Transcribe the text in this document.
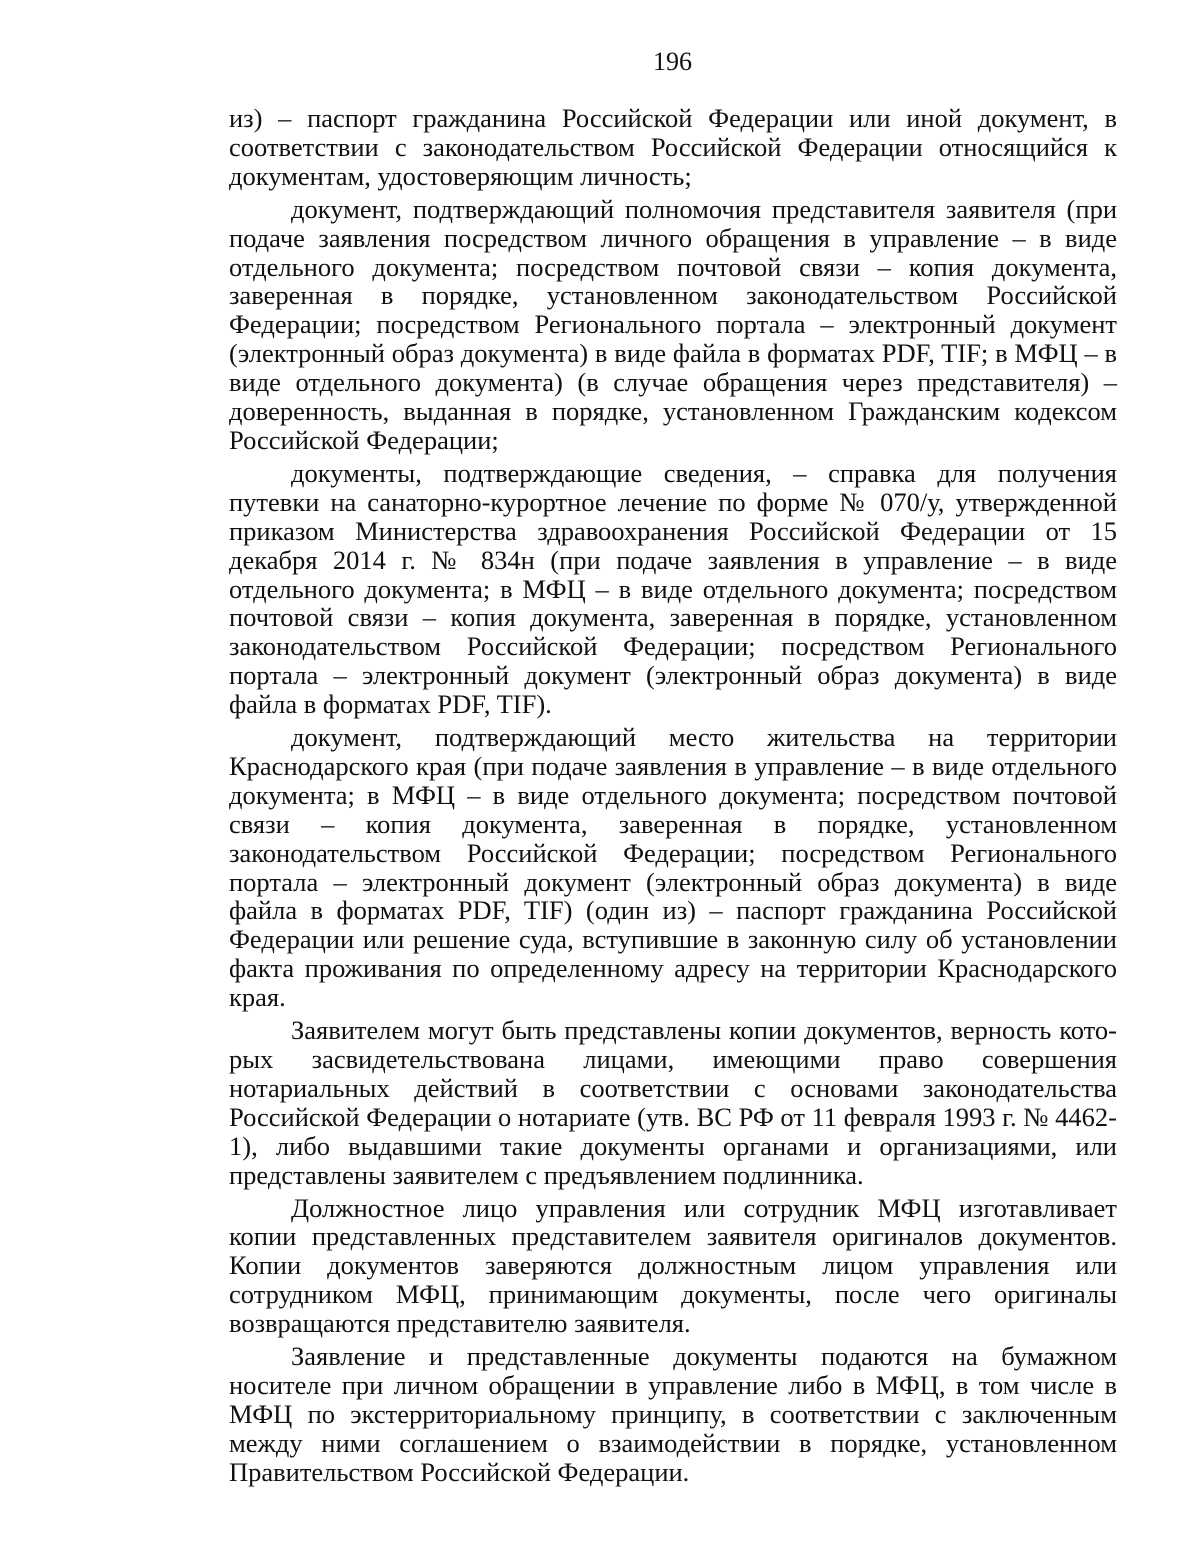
196

из) – паспорт гражданина Российской Федерации или иной документ, в соответствии с законодательством Российской Федерации относящийся к документам, удостоверяющим личность;

документ, подтверждающий полномочия представителя заявителя (при подаче заявления посредством личного обращения в управление – в виде отдельного документа; посредством почтовой связи – копия документа, заверенная в порядке, установленном законодательством Российской Федерации; посредством Регионального портала – электронный документ (электронный образ документа) в виде файла в форматах PDF, TIF; в МФЦ – в виде отдельного документа) (в случае обращения через представителя) – доверенность, выданная в порядке, установленном Гражданским кодексом Российской Федерации;

документы, подтверждающие сведения, – справка для получения путевки на санаторно-курортное лечение по форме № 070/у, утвержденной приказом Министерства здравоохранения Российской Федерации от 15 декабря 2014 г. № 834н (при подаче заявления в управление – в виде отдельного документа; в МФЦ – в виде отдельного документа; посредством почтовой связи – копия документа, заверенная в порядке, установленном законодательством Российской Федерации; посредством Регионального портала – электронный документ (электронный образ документа) в виде файла в форматах PDF, TIF).

документ, подтверждающий место жительства на территории Краснодарского края (при подаче заявления в управление – в виде отдельного документа; в МФЦ – в виде отдельного документа; посредством почтовой связи – копия документа, заверенная в порядке, установленном законодательством Российской Федерации; посредством Регионального портала – электронный документ (электронный образ документа) в виде файла в форматах PDF, TIF) (один из) – паспорт гражданина Российской Федерации или решение суда, вступившие в законную силу об установлении факта проживания по определенному адресу на территории Краснодарского края.

Заявителем могут быть представлены копии документов, верность которых засвидетельствована лицами, имеющими право совершения нотариальных действий в соответствии с основами законодательства Российской Федерации о нотариате (утв. ВС РФ от 11 февраля 1993 г. № 4462-1), либо выдавшими такие документы органами и организациями, или представлены заявителем с предъявлением подлинника.

Должностное лицо управления или сотрудник МФЦ изготавливает копии представленных представителем заявителя оригиналов документов. Копии документов заверяются должностным лицом управления или сотрудником МФЦ, принимающим документы, после чего оригиналы возвращаются представителю заявителя.

Заявление и представленные документы подаются на бумажном носителе при личном обращении в управление либо в МФЦ, в том числе в МФЦ по экстерриториальному принципу, в соответствии с заключенным между ними соглашением о взаимодействии в порядке, установленном Правительством Российской Федерации.
